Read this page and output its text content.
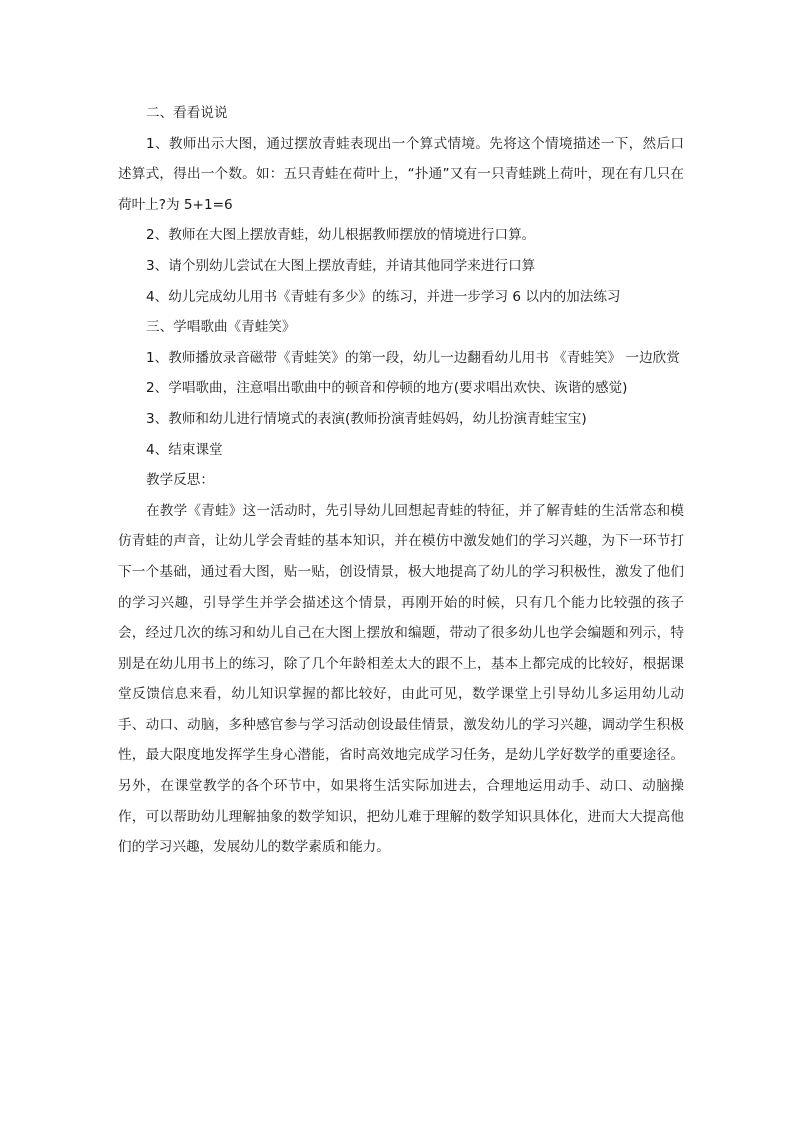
二、看看说说

1、教师出示大图，通过摆放青蛙表现出一个算式情境。先将这个情境描述一下，然后口述算式，得出一个数。如：五只青蛙在荷叶上，“扑通”又有一只青蛙跳上荷叶，现在有几只在荷叶上?为 5+1=6

2、教师在大图上摆放青蛙，幼儿根据教师摆放的情境进行口算。

3、请个别幼儿尝试在大图上摆放青蛙，并请其他同学来进行口算

4、幼儿完成幼儿用书《青蛙有多少》的练习，并进一步学习 6 以内的加法练习

三、学唱歌曲《青蛙笑》

1、教师播放录音磁带《青蛙笑》的第一段，幼儿一边翻看幼儿用书 《青蛙笑》 一边欣赏

2、学唱歌曲，注意唱出歌曲中的顿音和停顿的地方(要求唱出欢快、诙谐的感觉)

3、教师和幼儿进行情境式的表演(教师扮演青蛙妈妈，幼儿扮演青蛙宝宝)

4、结束课堂

教学反思：

在教学《青蛙》这一活动时，先引导幼儿回想起青蛙的特征，并了解青蛙的生活常态和模仿青蛙的声音，让幼儿学会青蛙的基本知识，并在模仿中激发她们的学习兴趣，为下一环节打下一个基础，通过看大图，贴一贴，创设情景，极大地提高了幼儿的学习积极性，激发了他们的学习兴趣，引导学生并学会描述这个情景，再刚开始的时候，只有几个能力比较强的孩子会，经过几次的练习和幼儿自己在大图上摆放和编题，带动了很多幼儿也学会编题和列示，特别是在幼儿用书上的练习，除了几个年龄相差太大的跟不上，基本上都完成的比较好，根据课堂反馈信息来看，幼儿知识掌握的都比较好，由此可见，数学课堂上引导幼儿多运用幼儿动手、动口、动脑，多种感官参与学习活动创设最佳情景，激发幼儿的学习兴趣，调动学生积极性，最大限度地发挥学生身心潜能，省时高效地完成学习任务，是幼儿学好数学的重要途径。另外，在课堂教学的各个环节中，如果将生活实际加进去，合理地运用动手、动口、动脑操作，可以帮助幼儿理解抽象的数学知识，把幼儿难于理解的数学知识具体化，进而大大提高他们的学习兴趣，发展幼儿的数学素质和能力。
